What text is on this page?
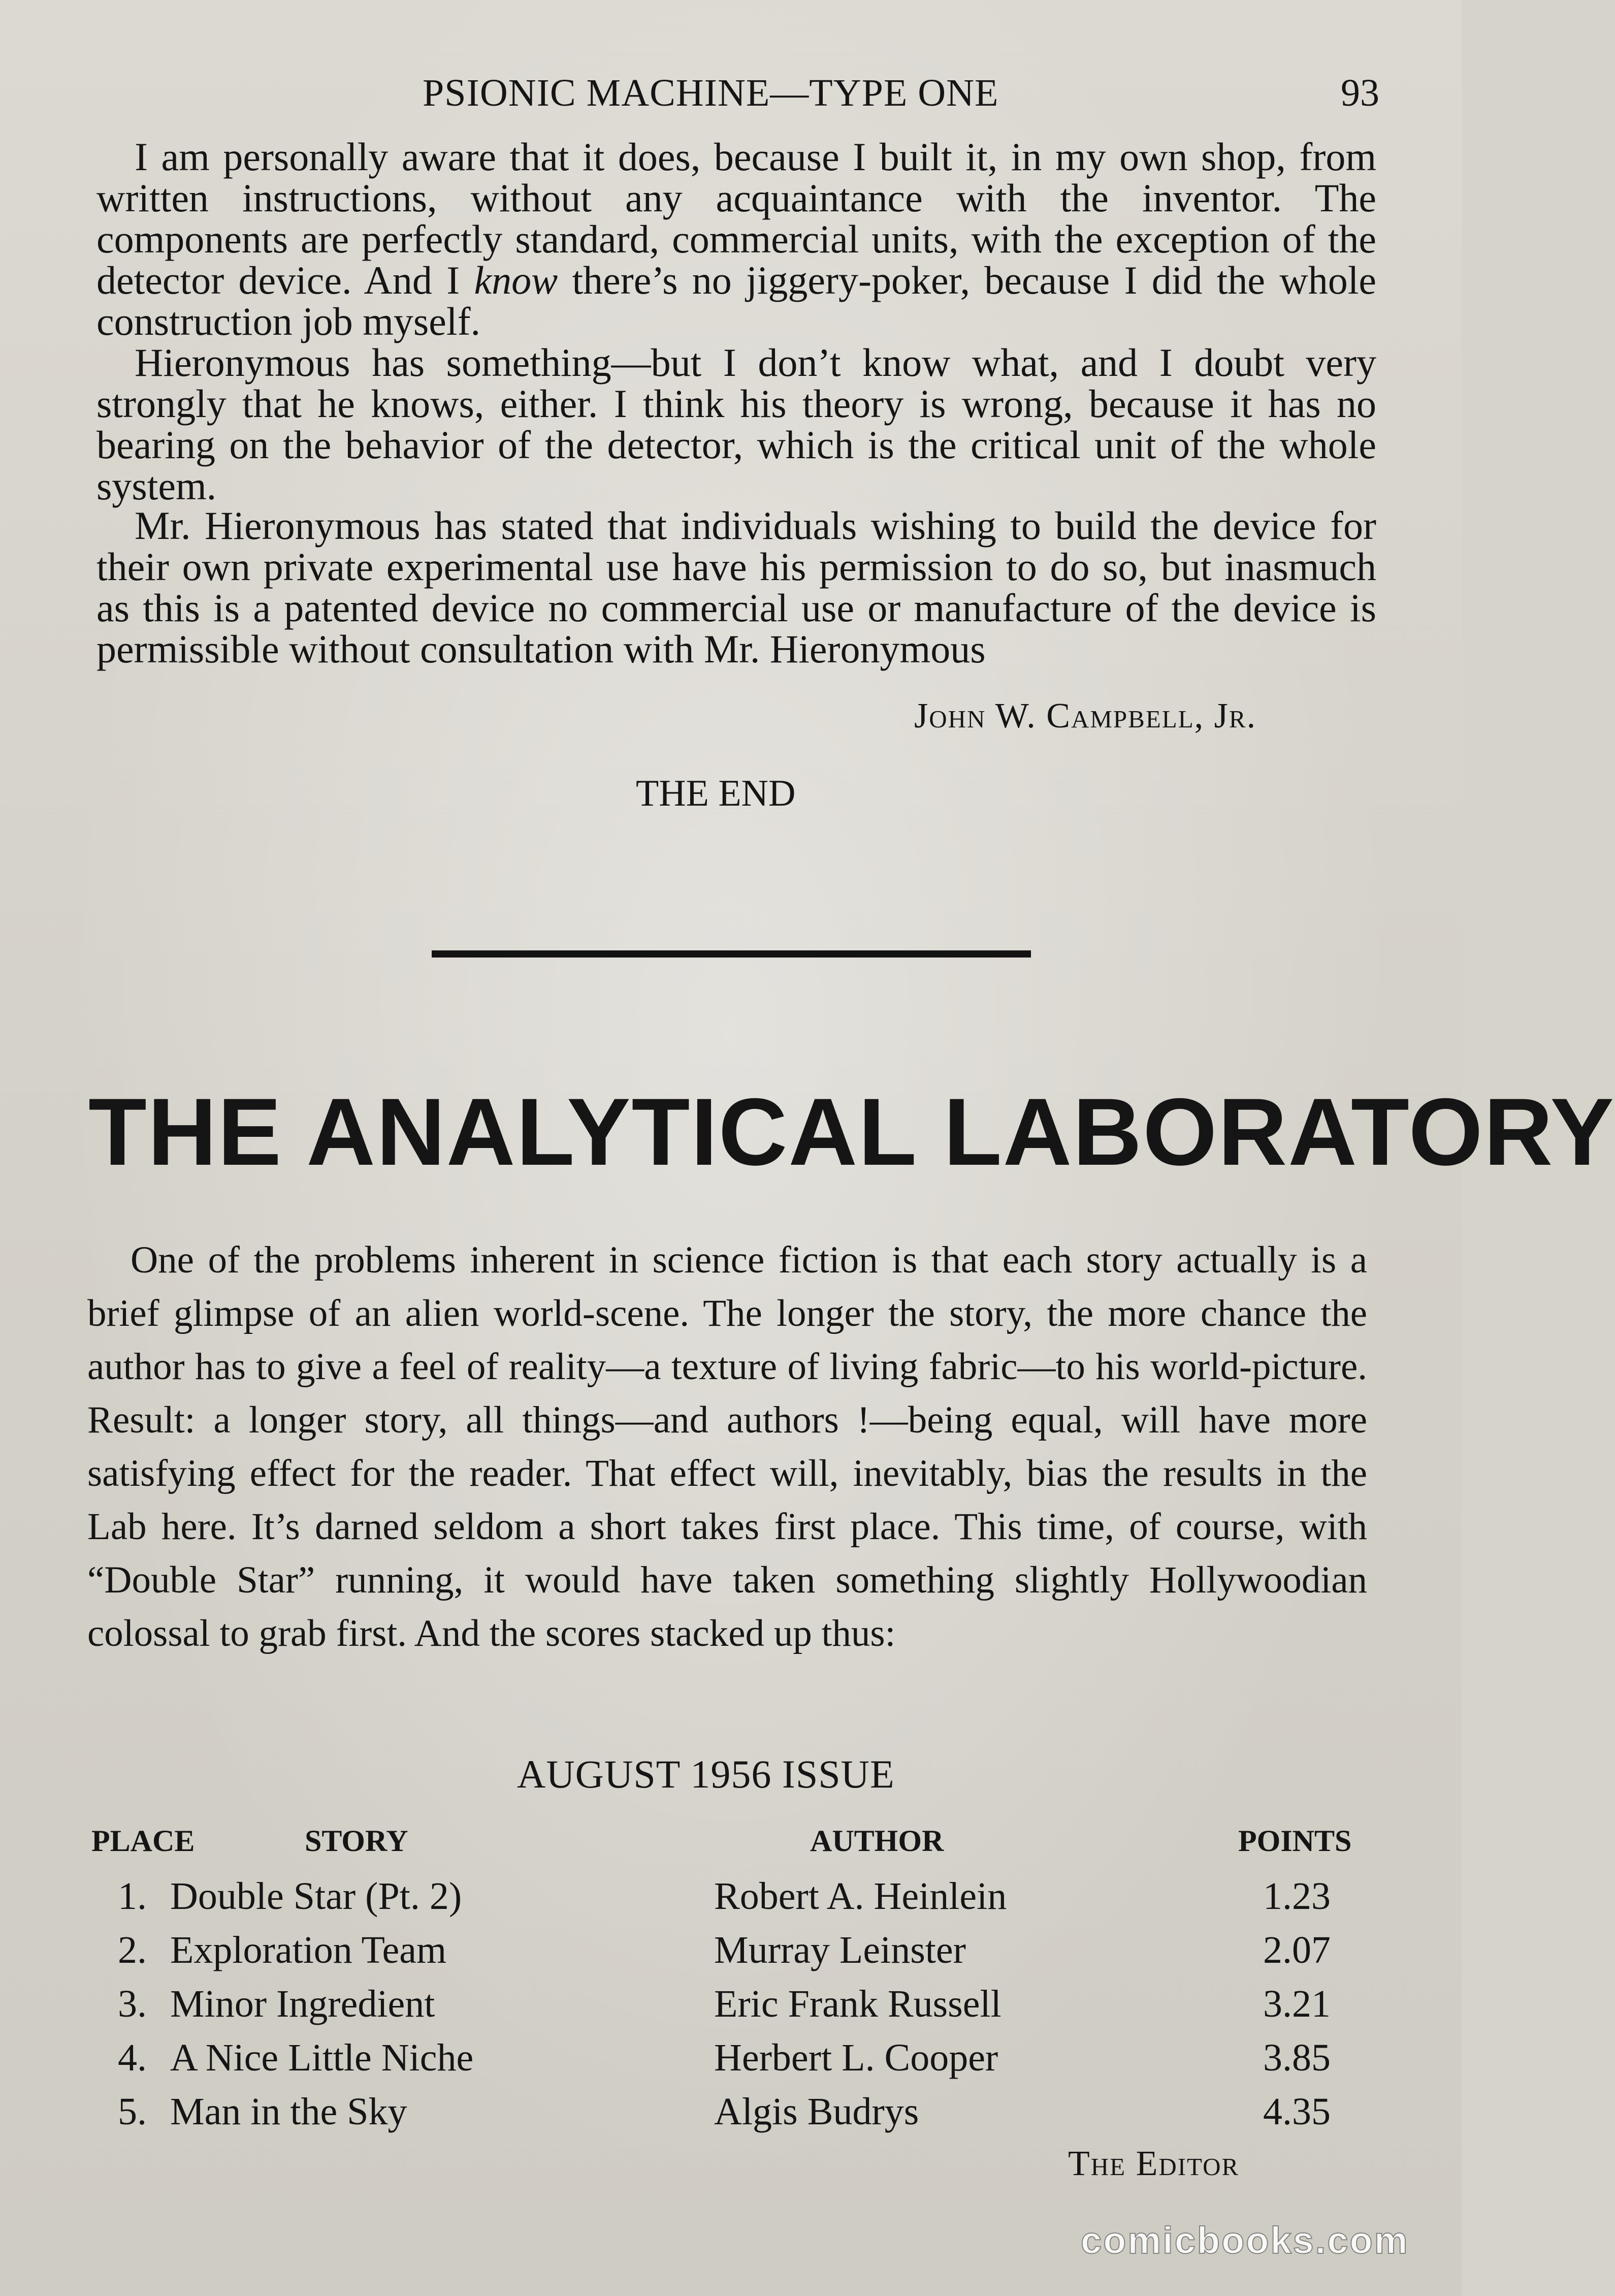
PSIONIC MACHINE—TYPE ONE	93

I am personally aware that it does, because I built it, in my own shop, from written instructions, without any acquaintance with the inventor. The components are perfectly standard, commercial units, with the exception of the detector device. And I know there’s no jiggery-poker, because I did the whole construction job myself.

Hieronymous has something—but I don’t know what, and I doubt very strongly that he knows, either. I think his theory is wrong, because it has no bearing on the behavior of the detector, which is the critical unit of the whole system.

Mr. Hieronymous has stated that individuals wishing to build the device for their own private experimental use have his permission to do so, but inasmuch as this is a patented device no commercial use or manufacture of the device is permissible without consultation with Mr. Hieronymous

John W. Campbell, Jr.
THE END
THE ANALYTICAL LABORATORY

One of the problems inherent in science fiction is that each story actually is a brief glimpse of an alien world-scene. The longer the story, the more chance the author has to give a feel of reality—a texture of living fabric—to his world-picture. Result: a longer story, all things—and authors !—being equal, will have more satisfying effect for the reader. That effect will, inevitably, bias the results in the Lab here. It’s darned seldom a short takes first place. This time, of course, with “Double Star” running, it would have taken something slightly Hollywoodian colossal to grab first. And the scores stacked up thus:

AUGUST 1956 ISSUE
PLACE	STORY	AUTHOR	POINTS
1. Double Star (Pt. 2)	Robert A. Heinlein	1.23
2. Exploration Team	Murray Leinster	2.07
3. Minor Ingredient	Eric Frank Russell	3.21
4. A Nice Little Niche	Herbert L. Cooper	3.85
5. Man in the Sky	Algis Budrys	4.35
The Editor
comicbooks.com
